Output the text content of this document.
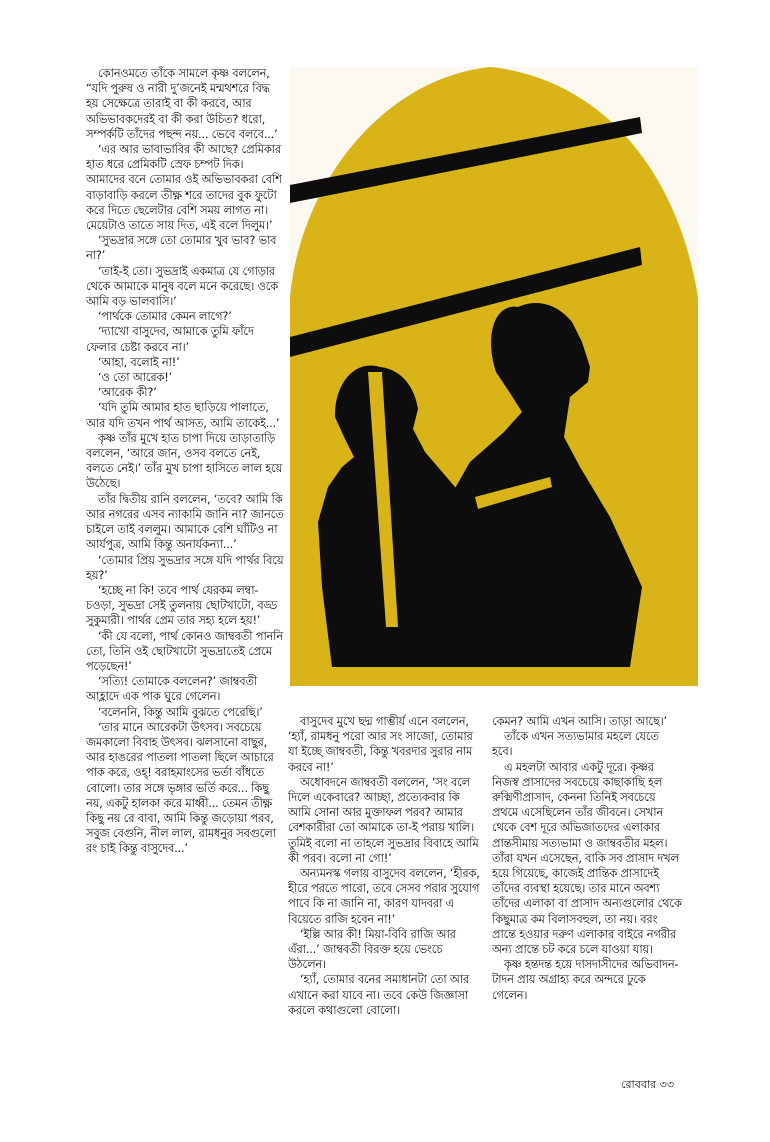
কোনওমতে তাঁকে সামলে কৃষ্ণ বললেন, “যদি পুরুষ ও নারী দু’জনেই মন্মথশরে বিদ্ধ হয় সেক্ষেত্রে তারাই বা কী করবে, আর অভিভাবকদেরই বা কী করা উচিত? ধরো, সম্পর্কটি তাঁদের পছন্দ নয়... ভেবে বলবে...’

‘এর আর ভাবাভাবির কী আছে? প্রেমিকার হাত ধরে প্রেমিকটি স্রেফ চম্পট দিক। আমাদের বনে তোমার ওই অভিভাবকরা বেশি বাড়াবাড়ি করলে তীক্ষ্ণ শরে তাদের বুক ফুটো করে দিতে ছেলেটার বেশি সময় লাগত না। মেয়েটাও তাতে সায় দিত, এই বলে দিলুম।’

‘সুভদ্রার সঙ্গে তো তোমার খুব ভাব? ভাব না?’

‘তাই-ই তো। সুভদ্রাই একমাত্র যে গোড়ার থেকে আমাকে মানুষ বলে মনে করেছে। ওকে আমি বড় ভালবাসি।’

‘পার্থকে তোমার কেমন লাগে?’

‘দ্যাখো বাসুদেব, আমাকে তুমি ফাঁদে ফেলার চেষ্টা করবে না।’

‘আহা, বলোই না!’

‘ও তো আরেক!’

‘আরেক কী?’

‘যদি তুমি আমার হাত ছাড়িয়ে পালাতে, আর যদি তখন পার্থ আসত, আমি তাকেই...’

কৃষ্ণ তাঁর মুখে হাত চাপা দিয়ে তাড়াতাড়ি বললেন, ‘আরে জান, ওসব বলতে নেই, বলতে নেই।’ তাঁর মুখ চাপা হাসিতে লাল হয়ে উঠেছে।

তাঁর দ্বিতীয় রানি বললেন, ‘তবে? আমি কি আর নগরের এসব ন্যাকামি জানি না? জানতে চাইলে তাই বললুম। আমাকে বেশি ঘাঁটিও না আর্যপুত্র, আমি কিন্তু অনার্যকন্যা...’

‘তোমার প্রিয় সুভদ্রার সঙ্গে যদি পার্থর বিয়ে হয়?’

‘হচ্ছে না কি! তবে পার্থ যেরকম লম্বা-চওড়া, সুভদ্রা সেই তুলনায় ছোটখাটো, বড্ড সুকুমারী। পার্থর প্রেম তার সহ্য হলে হয়!’

‘কী যে বলো, পার্থ কোনও জাম্ববতী পাননি তো, তিনি ওই ছোটখাটো সুভদ্রাতেই প্রেমে পড়েছেন!’

‘সত্যি! তোমাকে বললেন?’ জাম্ববতী আহ্লাদে এক পাক ঘুরে গেলেন।

‘বলেননি, কিন্তু আমি বুঝতে পেরেছি।’

‘তার মানে আরেকটা উৎসব। সবচেয়ে জমকালো বিবাহ উৎসব। ঝলসানো বাছুর, আর হাঙরের পাতলা পাতলা ছিলে আচারে পাক করে, ওহ্! বরাহমাংসের ভর্তা বাঁধতে বোলো। তার সঙ্গে ভৃঙ্গার ভর্তি করে... কিছু নয়, একটু হালকা করে মাধ্বী... তেমন তীক্ষ্ণ কিছু নয় রে বাবা, আমি কিন্তু জড়োয়া পরব, সবুজ বেগুনি, নীল লাল, রামধনুর সবগুলো রং চাই কিন্তু বাসুদেব...’

বাসুদেব মুখে ছদ্ম গাম্ভীর্য এনে বললেন, ‘হ্যাঁ, রামধনু পরো আর সং সাজো, তোমার যা ইচ্ছে জাম্ববতী, কিন্তু খবরদার সুরার নাম করবে না!’

অধোবদনে জাম্ববতী বললেন, ‘সং বলে দিলে একেবারে? আচ্ছা, প্রত্যেকবার কি আমি সোনা আর মুক্তাফল পরব? আমার বেশকারীরা তো আমাকে তা-ই পরায় খালি। তুমিই বলো না তাহলে সুভদ্রার বিবাহে আমি কী পরব। বলো না গো!’

অন্যমনস্ক গলায় বাসুদেব বললেন, ‘হীরক, হীরে পরতে পারো, তবে সেসব পরার সুযোগ পাবে কি না জানি না, কারণ যাদবরা এ বিয়েতে রাজি হবেন না!’

‘ইল্লি আর কী! মিয়া-বিবি রাজি আর এঁরা...’ জাম্ববতী বিরক্ত হয়ে ভেংচে উঠলেন।

‘হ্যাঁ, তোমার বনের সমাধানটা তো আর এখানে করা যাবে না। তবে কেউ জিজ্ঞাসা করলে কথাগুলো বোলো।

কেমন? আমি এখন আসি। তাড়া আছে।’

তাঁকে এখন সত্যভামার মহলে যেতে হবে।

এ মহলটা আবার একটু দূরে। কৃষ্ণর নিজস্ব প্রাসাদের সবচেয়ে কাছাকাছি হল রুক্মিণীপ্রাসাদ, কেননা তিনিই সবচেয়ে প্রথমে এসেছিলেন তাঁর জীবনে। সেখান থেকে বেশ দূরে অভিজাতদের এলাকার প্রান্তসীমায় সত্যভামা ও জাম্ববতীর মহল। তাঁরা যখন এসেছেন, বাকি সব প্রাসাদ দখল হয়ে গিয়েছে, কাজেই প্রান্তিক প্রাসাদেই তাঁদের ব্যবস্থা হয়েছে। তার মানে অবশ্য তাঁদের এলাকা বা প্রাসাদ অন্যগুলোর থেকে কিছুমাত্র কম বিলাসবহুল, তা নয়। বরং প্রান্তে হওয়ার দরুণ এলাকার বাইরে নগরীর অন্য প্রান্তে চট করে চলে যাওয়া যায়।

কৃষ্ণ হন্তদন্ত হয়ে দাসদাসীদের অভিবাদন-টাদন প্রায় অগ্রাহ্য করে অন্দরে ঢুকে গেলেন।

রোববার ৩৩
